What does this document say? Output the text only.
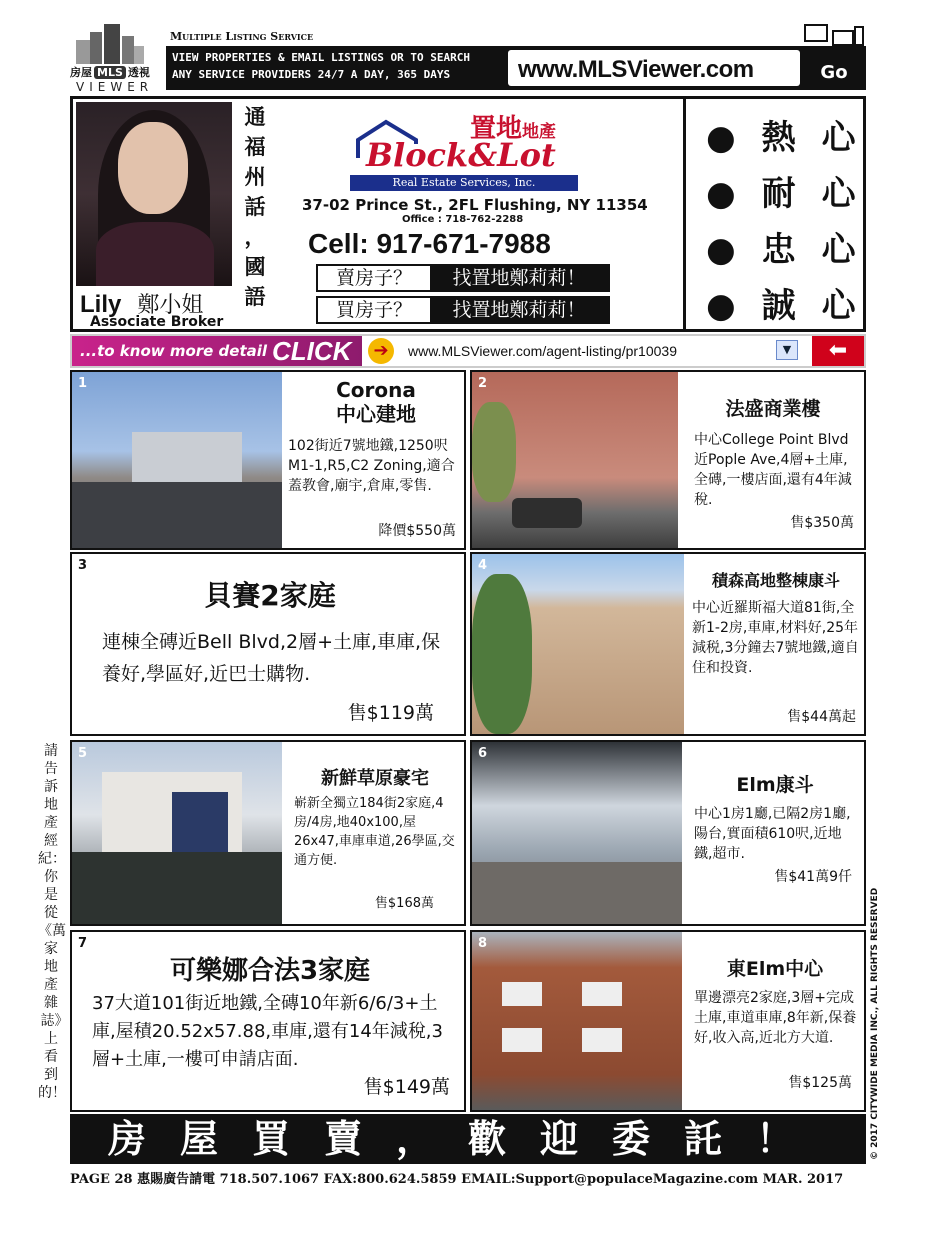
房屋 MLS 透視
VIEWER
Multiple Listing Service
VIEW PROPERTIES & EMAIL LISTINGS OR TO SEARCH
ANY SERVICE PROVIDERS 24/7 A DAY, 365 DAYS	www.MLSViewer.com	Go
Lily 鄭小姐
Associate Broker
通
福
州
話
，
國
語
置地地產
Block&Lot
Real Estate Services, Inc.
37-02 Prince St., 2FL Flushing, NY 11354
Office : 718-762-2288
Cell: 917-671-7988
賣房子？	找置地鄭莉莉！
買房子？	找置地鄭莉莉！
●熱心
●耐心
●忠心
●誠心
...to know more detail CLICK	➔	www.MLSViewer.com/agent-listing/pr10039	▼	⬅
1	Corona
中心建地
102街近7號地鐵,1250呎M1-1,R5,C2 Zoning,適合蓋教會,廟宇,倉庫,零售.
降價$550萬
2
法盛商業樓
中心College Point Blvd 近Pople Ave,4層+土庫,全磚,一樓店面,還有4年減稅.
售$350萬
3
貝賽2家庭
連棟全磚近Bell Blvd,2層+土庫,車庫,保養好,學區好,近巴士購物.
售$119萬
4
積森高地整棟康斗
中心近羅斯福大道81街,全新1-2房,車庫,材料好,25年減税,3分鐘去7號地鐵,適自住和投資.
售$44萬起
5
新鮮草原豪宅
嶄新全獨立184街2家庭,4房/4房,地40x100,屋26x47,車庫車道,26學區,交通方便.
售$168萬
6
Elm康斗
中心1房1廳,已隔2房1廳,陽台,實面積610呎,近地鐵,超市.
售$41萬9仟
7
可樂娜合法3家庭
37大道101街近地鐵,全磚10年新6/6/3+土庫,屋積20.52x57.88,車庫,還有14年減稅,3層+土庫,一樓可申請店面.
售$149萬
8
東Elm中心
單邊漂亮2家庭,3層+完成土庫,車道車庫,8年新,保養好,收入高,近北方大道.
售$125萬
請告訴地產經紀：你是從《萬家地產雜誌》上看到的！	© 2017 CITYWIDE MEDIA INC., ALL RIGHTS RESERVED
房屋買賣，歡迎委託！
PAGE 28 惠賜廣告請電 718.507.1067 FAX:800.624.5859 EMAIL:Support@populaceMagazine.com MAR. 2017
